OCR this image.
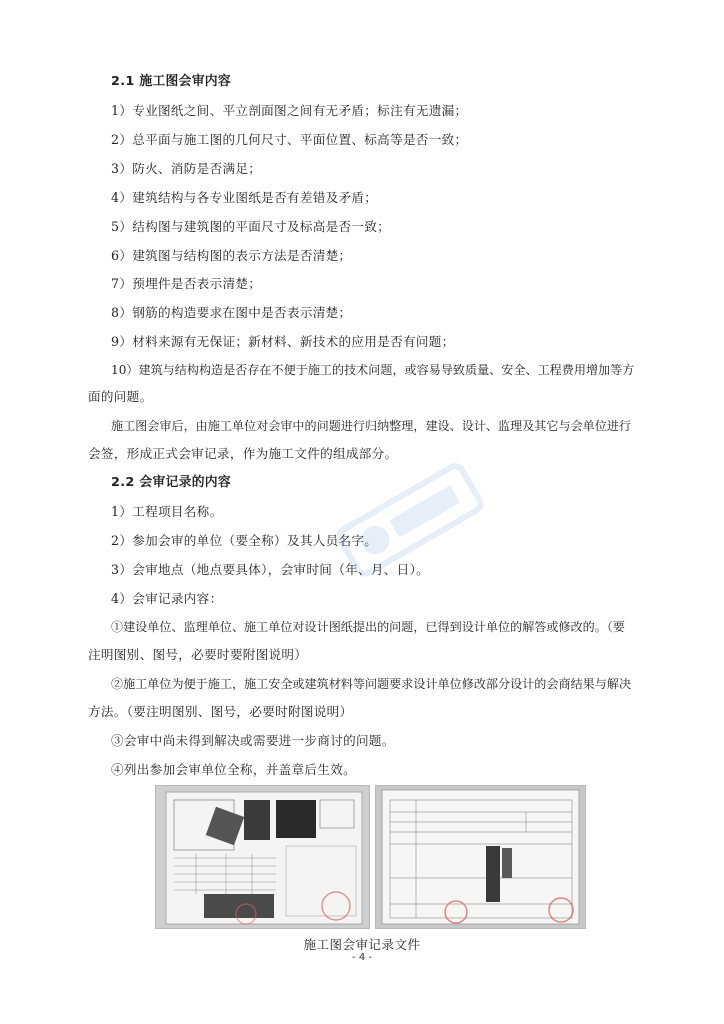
2.1 施工图会审内容
1）专业图纸之间、平立剖面图之间有无矛盾；标注有无遗漏；
2）总平面与施工图的几何尺寸、平面位置、标高等是否一致；
3）防火、消防是否满足；
4）建筑结构与各专业图纸是否有差错及矛盾；
5）结构图与建筑图的平面尺寸及标高是否一致；
6）建筑图与结构图的表示方法是否清楚；
7）预埋件是否表示清楚；
8）钢筋的构造要求在图中是否表示清楚；
9）材料来源有无保证；新材料、新技术的应用是否有问题；
10）建筑与结构构造是否存在不便于施工的技术问题，或容易导致质量、安全、工程费用增加等方
面的问题。
施工图会审后，由施工单位对会审中的问题进行归纳整理，建设、设计、监理及其它与会单位进行
会签，形成正式会审记录，作为施工文件的组成部分。
2.2 会审记录的内容
1）工程项目名称。
2）参加会审的单位（要全称）及其人员名字。
3）会审地点（地点要具体），会审时间（年、月、日）。
4）会审记录内容：
①建设单位、监理单位、施工单位对设计图纸提出的问题，已得到设计单位的解答或修改的。（要
注明图别、图号，必要时要附图说明）
②施工单位为便于施工，施工安全或建筑材料等问题要求设计单位修改部分设计的会商结果与解决
方法。（要注明图别、图号，必要时附图说明）
③会审中尚未得到解决或需要进一步商讨的问题。
④列出参加会审单位全称，并盖章后生效。
施工图会审记录文件
- 4 -
